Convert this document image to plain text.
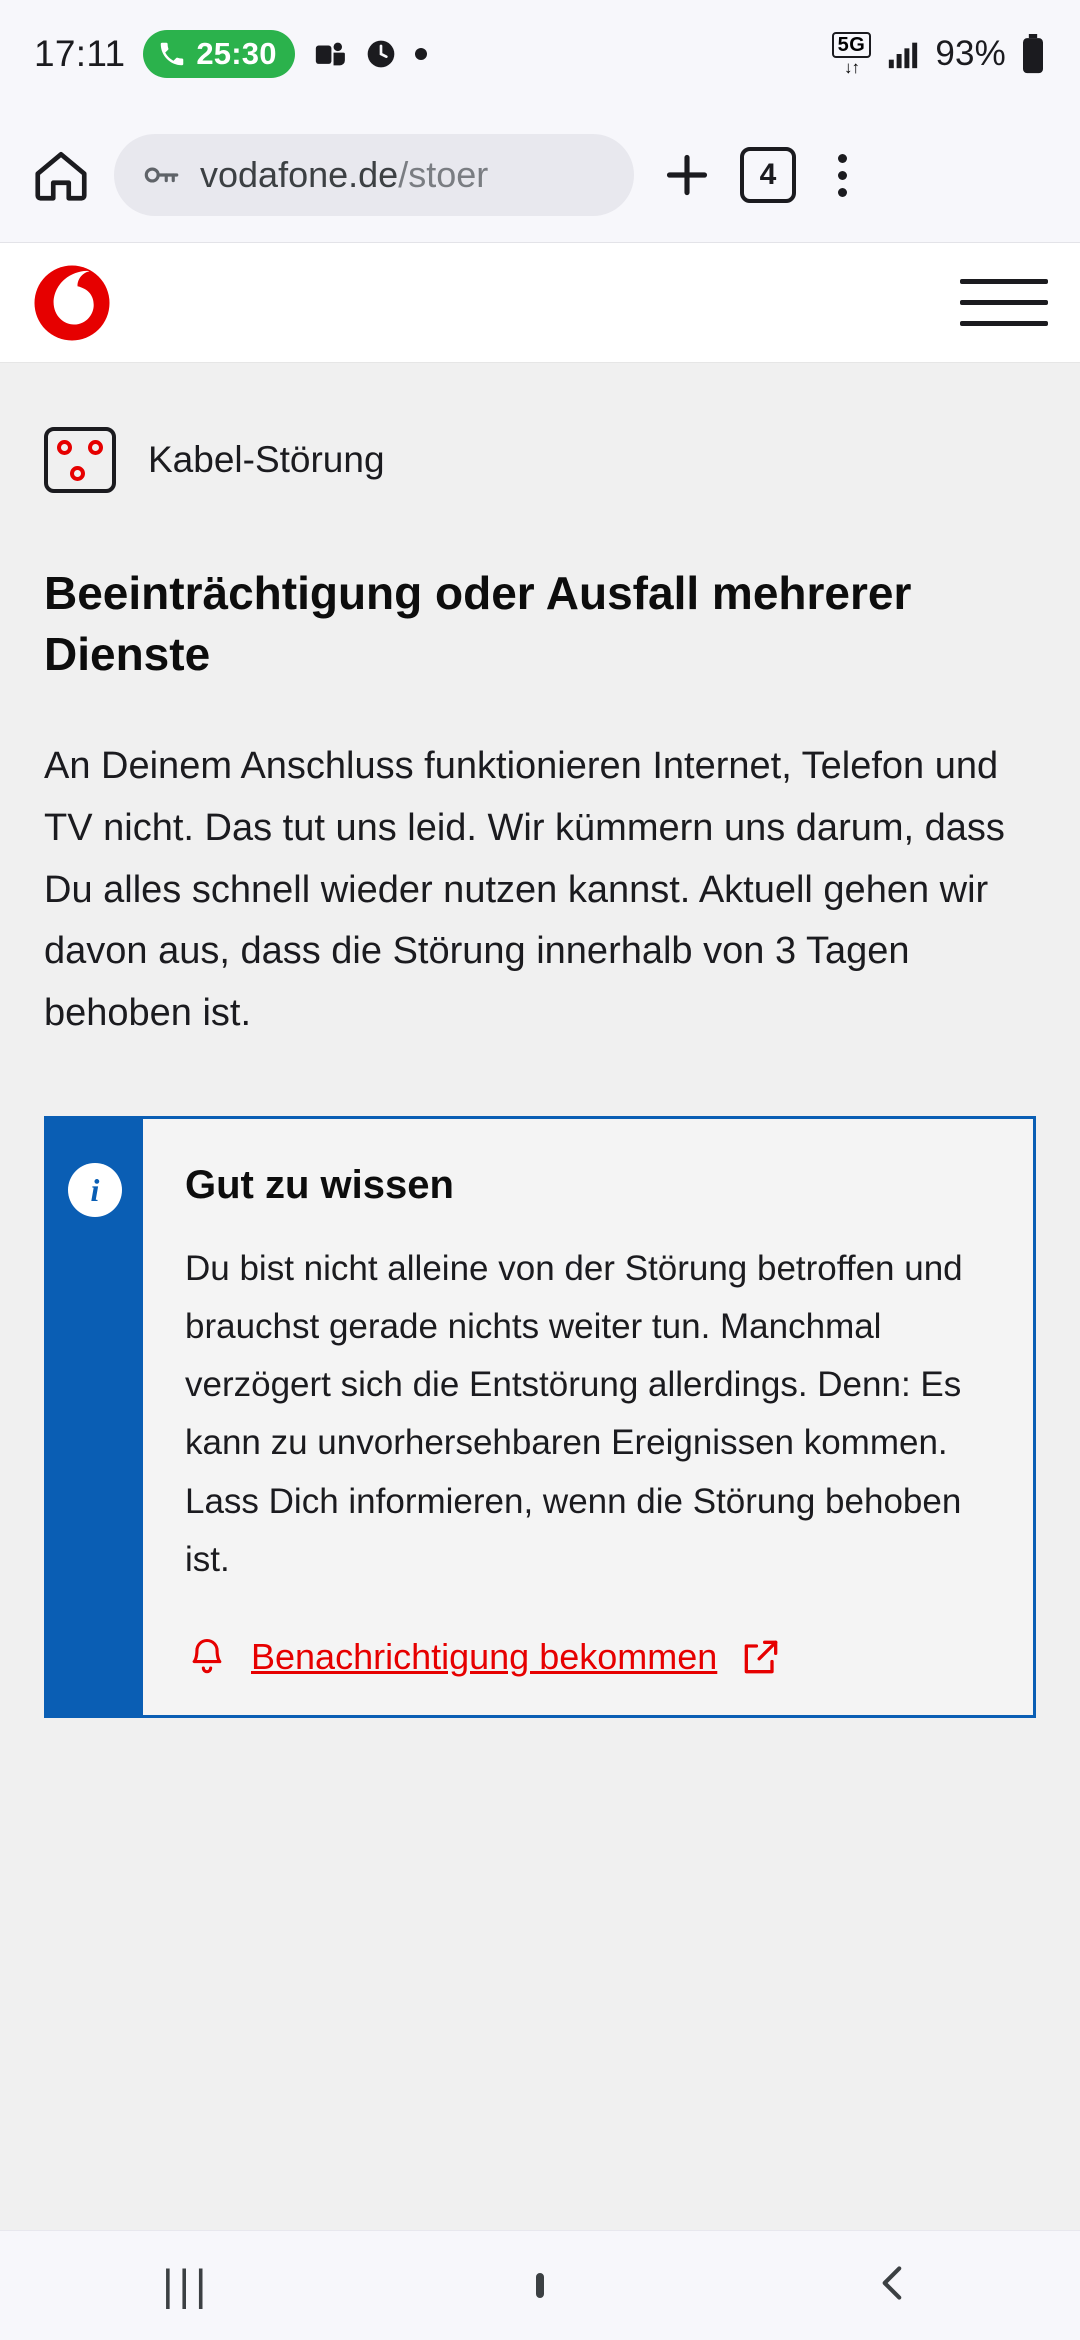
17:11 25:30	5G
↓↑ 93%
vodafone.de/stoer	4
Kabel-Störung
Beeinträchtigung oder Ausfall mehrerer Dienste

An Deinem Anschluss funktionieren Internet, Telefon und TV nicht. Das tut uns leid. Wir kümmern uns darum, dass Du alles schnell wieder nutzen kannst. Aktuell gehen wir davon aus, dass die Störung innerhalb von 3 Tagen behoben ist.

i	Gut zu wissen
Du bist nicht alleine von der Störung betroffen und brauchst gerade nichts weiter tun. Manchmal verzögert sich die Entstörung allerdings. Denn: Es kann zu unvorhersehbaren Ereignissen kommen. Lass Dich informieren, wenn die Störung behoben ist.
Benachrichtigung bekommen
|||
